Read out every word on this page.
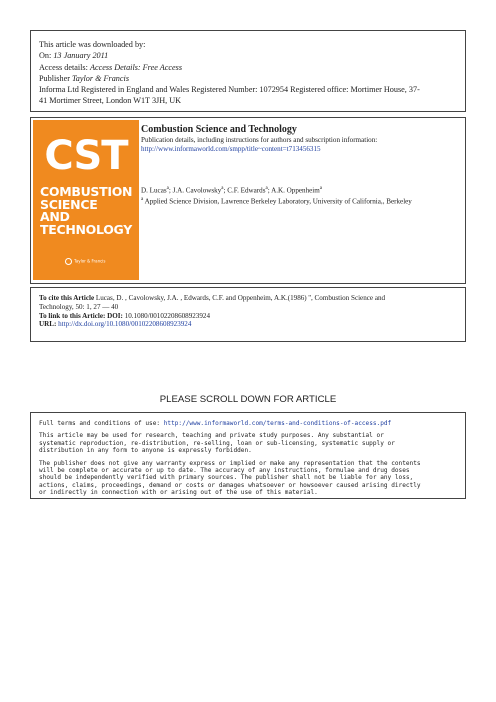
This article was downloaded by:
On: 13 January 2011
Access details: Access Details: Free Access
Publisher Taylor & Francis
Informa Ltd Registered in England and Wales Registered Number: 1072954 Registered office: Mortimer House, 37-
41 Mortimer Street, London W1T 3JH, UK
CST
COMBUSTION
SCIENCE
AND
TECHNOLOGY
Taylor & Francis
Combustion Science and Technology
Publication details, including instructions for authors and subscription information:
http://www.informaworld.com/smpp/title~content=t713456315
D. Lucas$^a$; J.A. Cavolowsky$^a$; C.F. Edwards$^a$; A.K. Oppenheim$^a$
$^a$ Applied Science Division, Lawrence Berkeley Laboratory, University of California,, Berkeley
To cite this Article Lucas, D. , Cavolowsky, J.A. , Edwards, C.F. and Oppenheim, A.K.(1986) '', Combustion Science and
Technology, 50: 1, 27 — 40
To link to this Article: DOI: 10.1080/00102208608923924
URL: http://dx.doi.org/10.1080/00102208608923924
PLEASE SCROLL DOWN FOR ARTICLE

Full terms and conditions of use: http://www.informaworld.com/terms-and-conditions-of-access.pdf

This article may be used for research, teaching and private study purposes. Any substantial or
systematic reproduction, re-distribution, re-selling, loan or sub-licensing, systematic supply or
distribution in any form to anyone is expressly forbidden.

The publisher does not give any warranty express or implied or make any representation that the contents
will be complete or accurate or up to date. The accuracy of any instructions, formulae and drug doses
should be independently verified with primary sources. The publisher shall not be liable for any loss,
actions, claims, proceedings, demand or costs or damages whatsoever or howsoever caused arising directly
or indirectly in connection with or arising out of the use of this material.
